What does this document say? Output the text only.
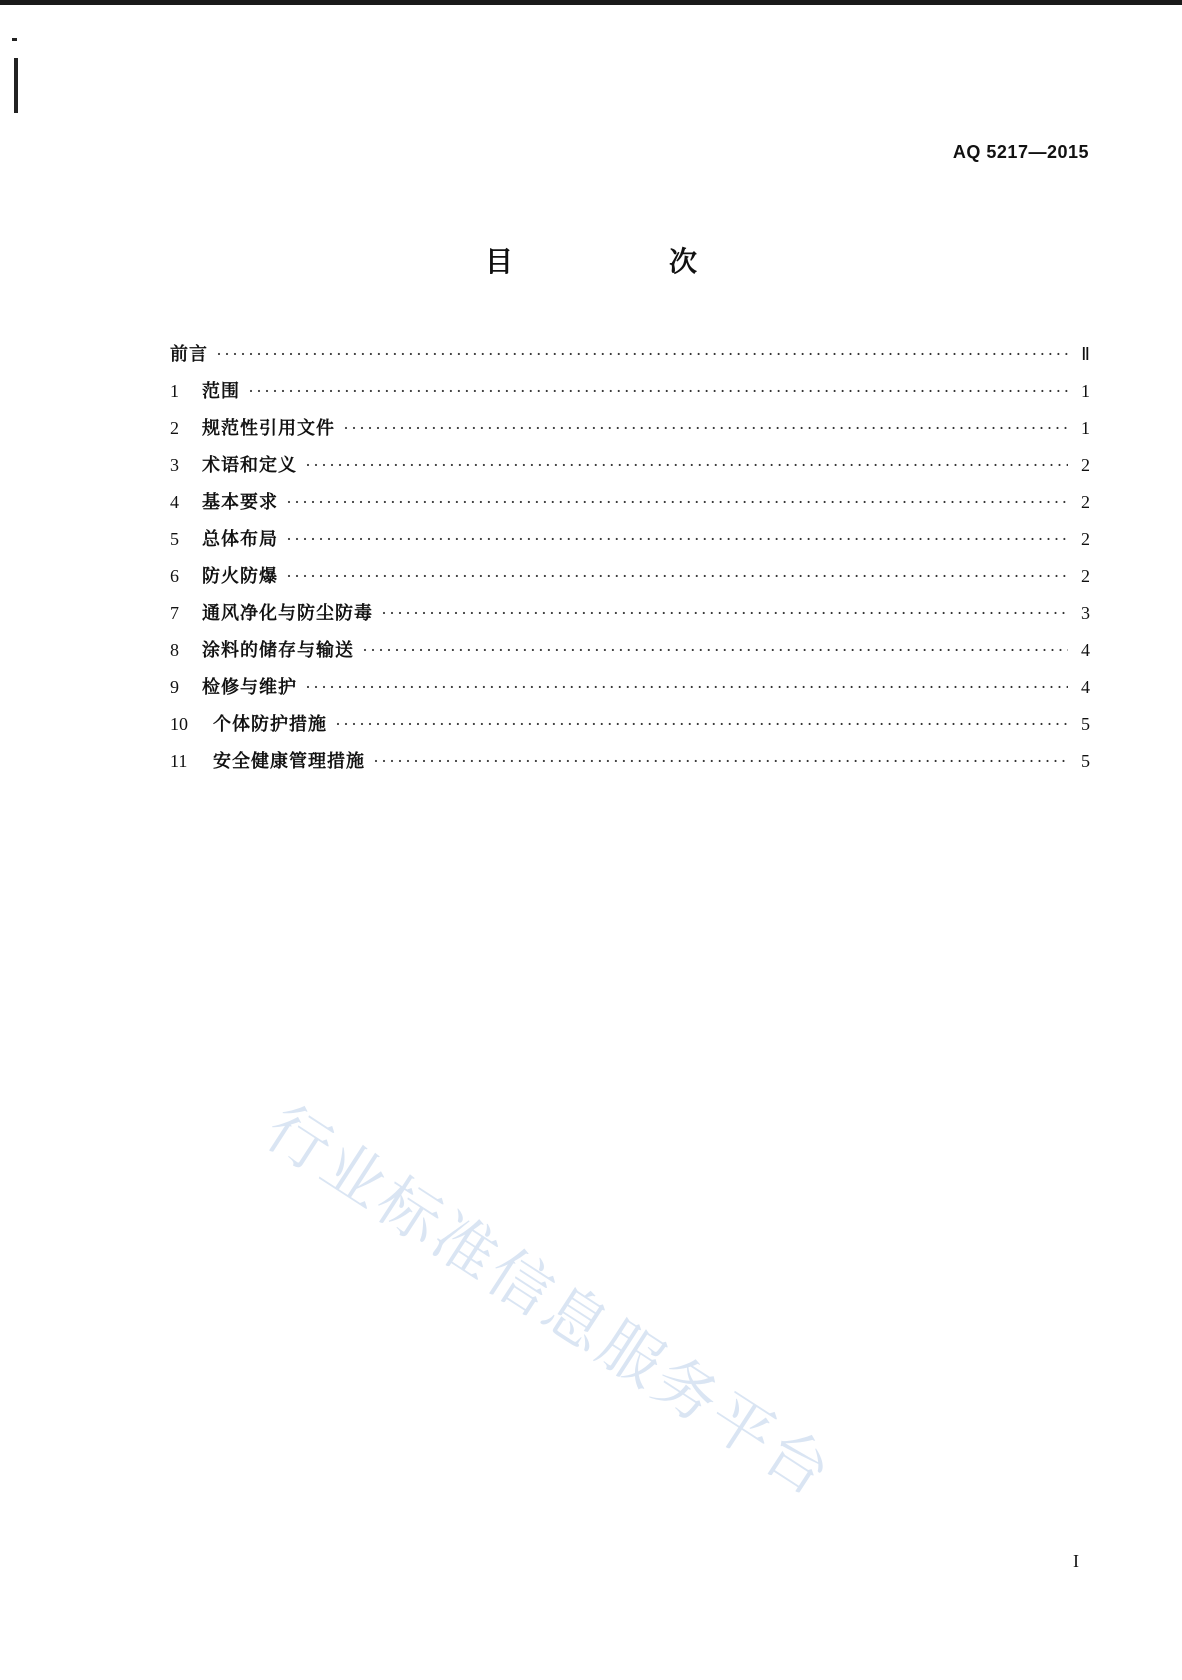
AQ 5217—2015
目　次
前言 ·····	Ⅱ
1	范围 ·····	1
2	规范性引用文件 ·····	1
3	术语和定义 ·····	2
4	基本要求 ·····	2
5	总体布局 ·····	2
6	防火防爆 ·····	2
7	通风净化与防尘防毒 ·····	3
8	涂料的储存与输送 ·····	4
9	检修与维护 ·····	4
10	个体防护措施 ·····	5
11	安全健康管理措施 ·····	5
行业标准信息服务平台
I
